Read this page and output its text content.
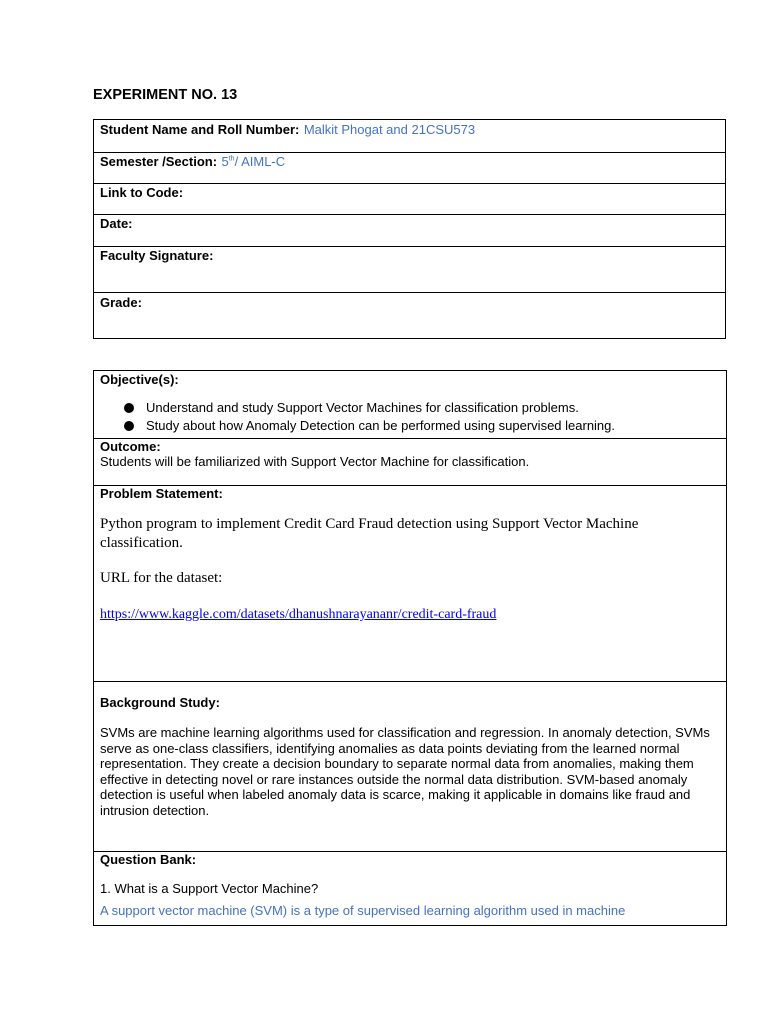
EXPERIMENT NO. 13
Student Name and Roll Number: Malkit Phogat and 21CSU573
Semester /Section: 5th/ AIML-C
Link to Code:
Date:
Faculty Signature:
Grade:
Objective(s):
Understand and study Support Vector Machines for classification problems.
Study about how Anomaly Detection can be performed using supervised learning.
Outcome:
Students will be familiarized with Support Vector Machine for classification.
Problem Statement:
Python program to implement Credit Card Fraud detection using Support Vector Machine classification.
URL for the dataset:
https://www.kaggle.com/datasets/dhanushnarayananr/credit-card-fraud
Background Study:
SVMs are machine learning algorithms used for classification and regression. In anomaly detection, SVMs serve as one-class classifiers, identifying anomalies as data points deviating from the learned normal representation. They create a decision boundary to separate normal data from anomalies, making them effective in detecting novel or rare instances outside the normal data distribution. SVM-based anomaly detection is useful when labeled anomaly data is scarce, making it applicable in domains like fraud and intrusion detection.
Question Bank:
1. What is a Support Vector Machine?
A support vector machine (SVM) is a type of supervised learning algorithm used in machine
